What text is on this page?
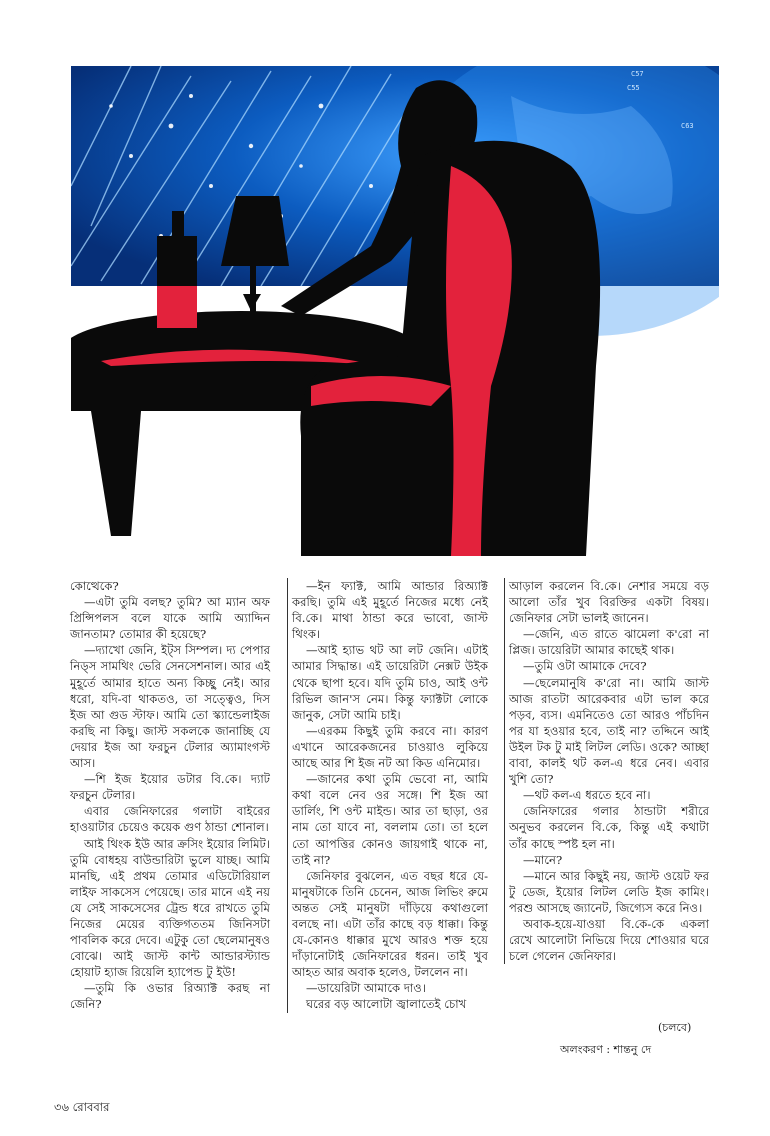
C57
C55
C63

কোত্থেকে?

—এটা তুমি বলছ? তুমি? আ ম্যান অফ প্রিন্সিপলস বলে যাকে আমি অ্যাদ্দিন জানতাম? তোমার কী হয়েছে?

—দ্যাখো জেনি, ইট্‌স সিম্পল। দ্য পেপার নিড্‌স সামথিং ভেরি সেনসেশনাল। আর এই মুহূর্তে আমার হাতে অন্য কিচ্ছু নেই। আর ধরো, যদি-বা থাকতও, তা সত্ত্বেও, দিস ইজ আ গুড স্টাফ। আমি তো স্ক্যান্ডেলাইজ করছি না কিছু। জাস্ট সকলকে জানাচ্ছি যে দেয়ার ইজ আ ফরচুন টেলার অ্যামাংগস্ট আস।

—শি ইজ ইয়োর ডটার বি.কে। দ্যাট ফরচুন টেলার।

এবার জেনিফারের গলাটা বাইরের হাওয়াটার চেয়েও কয়েক গুণ ঠান্ডা শোনাল।

আই থিংক ইউ আর ক্রসিং ইয়োর লিমিট। তুমি বোধহয় বাউন্ডারিটা ভুলে যাচ্ছ। আমি মানছি, এই প্রথম তোমার এডিটোরিয়াল লাইফ সাকসেস পেয়েছে। তার মানে এই নয় যে সেই সাকসেসের ট্রেন্ড ধরে রাখতে তুমি নিজের মেয়ের ব্যক্তিগততম জিনিসটা পাবলিক করে দেবে। এটুকু তো ছেলেমানুষও বোঝে। আই জাস্ট কান্ট আন্ডারস্ট্যান্ড হোয়াট হ্যাজ রিয়েলি হ্যাপেন্ড টু ইউ!

—তুমি কি ওভার রিঅ্যাক্ট করছ না জেনি?

—ইন ফ্যাক্ট, আমি আন্ডার রিঅ্যাক্ট করছি। তুমি এই মুহূর্তে নিজের মধ্যে নেই বি.কে। মাথা ঠান্ডা করে ভাবো, জাস্ট থিংক।

—আই হ্যাভ থট আ লট জেনি। এটাই আমার সিদ্ধান্ত। এই ডায়েরিটা নেক্সট উইক থেকে ছাপা হবে। যদি তুমি চাও, আই ওন্ট রিভিল জান'স নেম। কিন্তু ফ্যাক্টটা লোকে জানুক, সেটা আমি চাই।

—এরকম কিছুই তুমি করবে না। কারণ এখানে আরেকজনের চাওয়াও লুকিয়ে আছে আর শি ইজ নট আ কিড এনিমোর।

—জানের কথা তুমি ভেবো না, আমি কথা বলে নেব ওর সঙ্গে। শি ইজ আ ডার্লিং, শি ওন্ট মাইন্ড। আর তা ছাড়া, ওর নাম তো যাবে না, বললাম তো। তা হলে তো আপত্তির কোনও জায়গাই থাকে না, তাই না?

জেনিফার বুঝলেন, এত বছর ধরে যে-মানুষটাকে তিনি চেনেন, আজ লিভিং রুমে অন্তত সেই মানুষটা দাঁড়িয়ে কথাগুলো বলছে না। এটা তাঁর কাছে বড় ধাক্কা। কিন্তু যে-কোনও ধাক্কার মুখে আরও শক্ত হয়ে দাঁড়ানোটাই জেনিফারের ধরন। তাই খুব আহত আর অবাক হলেও, টললেন না।

—ডায়েরিটা আমাকে দাও।

ঘরের বড় আলোটা জ্বালাতেই চোখ

আড়াল করলেন বি.কে। নেশার সময়ে বড় আলো তাঁর খুব বিরক্তির একটা বিষয়। জেনিফার সেটা ভালই জানেন।

—জেনি, এত রাতে ঝামেলা ক'রো না প্লিজ। ডায়েরিটা আমার কাছেই থাক।

—তুমি ওটা আমাকে দেবে?

—ছেলেমানুষি ক'রো না। আমি জাস্ট আজ রাতটা আরেকবার এটা ভাল করে পড়ব, ব্যস। এমনিতেও তো আরও পাঁচদিন পর যা হওয়ার হবে, তাই না? তদ্দিনে আই উইল টক টু মাই লিটল লেডি। ওকে? আচ্ছা বাবা, কালই থট কল-এ ধরে নেব। এবার খুশি তো?

—থট কল-এ ধরতে হবে না।

জেনিফারের গলার ঠান্ডাটা শরীরে অনুভব করলেন বি.কে, কিন্তু এই কথাটা তাঁর কাছে স্পষ্ট হল না।

—মানে?

—মানে আর কিছুই নয়, জাস্ট ওয়েট ফর টু ডেজ, ইয়োর লিটল লেডি ইজ কামিং। পরশু আসছে জ্যানেট, জিগ্যেস করে নিও।

অবাক-হয়ে-যাওয়া বি.কে-কে একলা রেখে আলোটা নিভিয়ে দিয়ে শোওয়ার ঘরে চলে গেলেন জেনিফার।

(চলবে)
অলংকরণ : শান্তনু দে
৩৬ রোববার
